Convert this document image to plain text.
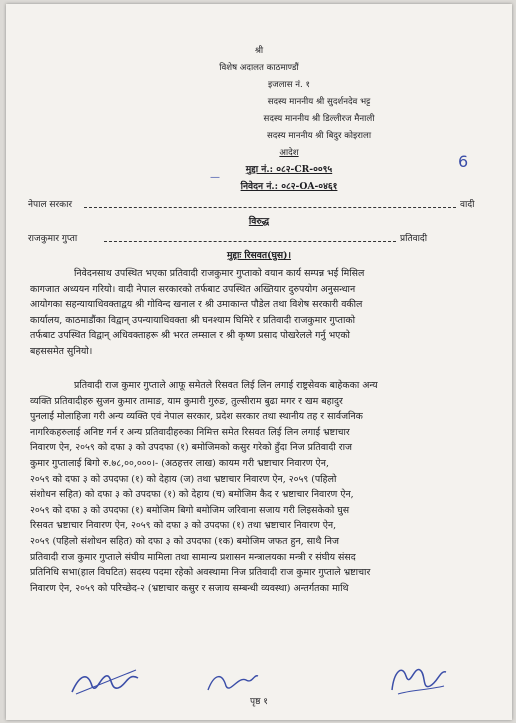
श्री
विशेष अदालत काठमाण्डौं
इजलास नं. १
सदस्य माननीय श्री सुदर्शनदेव भट्ट
सदस्य माननीय श्री डिल्लीरज मैनाली
सदस्य माननीय श्री बिदुर कोइराला
आदेश
मुद्दा नं.: ०८२-CR-००९५
निवेदन नं.: ०८२-OA-०४६१
6
—
नेपाल सरकार	वादी
विरुद्ध
राजकुमार गुप्ता	प्रतिवादी
मुद्दाः रिसवत(घुस)।
निवेदनसाथ उपस्थित भएका प्रतिवादी राजकुमार गुप्ताको वयान कार्य सम्पन्न भई मिसिल
कागजात अध्ययन गरियो। वादी नेपाल सरकारको तर्फबाट उपस्थित अख्तियार दुरुपयोग अनुसन्धान
आयोगका सहन्यायाधिवक्ताद्वय श्री गोविन्द खनाल र श्री उमाकान्त पौडेल तथा विशेष सरकारी वकील
कार्यालय, काठमाडौंका विद्वान् उपन्यायाधिवक्ता श्री घनश्याम घिमिरे र प्रतिवादी राजकुमार गुप्ताको
तर्फबाट उपस्थित विद्वान् अधिवक्ताहरू श्री भरत लम्साल र श्री कृष्ण प्रसाद पोखरेलले गर्नु भएको
बहससमेत सुनियो।
प्रतिवादी राज कुमार गुप्ताले आफू समेतले रिसवत लिई लिन लगाई राष्ट्रसेवक बाहेकका अन्य
व्यक्ति प्रतिवादीहरु सुजन कुमार तामाङ, याम कुमारी गुरुङ, तुल्सीराम बुढा मगर र खम बहादुर
पुनलाई मोलाहिजा गरी अन्य व्यक्ति एवं नेपाल सरकार, प्रदेश सरकार तथा स्थानीय तह र सार्वजनिक
नागरिकहरुलाई अनिष्ट गर्न र अन्य प्रतिवादीहरुका निमित्त समेत रिसवत लिई लिन लगाई भ्रष्टाचार
निवारण ऐन, २०५९ को दफा ३ को उपदफा (१) बमोजिमको कसुर गरेको हुँदा निज प्रतिवादी राज
कुमार गुप्तालाई बिगो रु.७८,००,०००।- (अठहत्तर लाख) कायम गरी भ्रष्टाचार निवारण ऐन,
२०५९ को दफा ३ को उपदफा (१) को देहाय (ज) तथा भ्रष्टाचार निवारण ऐन, २०५९ (पहिलो
संशोधन सहित) को दफा ३ को उपदफा (१) को देहाय (च) बमोजिम कैद र भ्रष्टाचार निवारण ऐन,
२०५९ को दफा ३ को उपदफा (१) बमोजिम बिगो बमोजिम जरिवाना सजाय गरी लिइसकेको घुस
रिसवत भ्रष्टाचार निवारण ऐन, २०५९ को दफा ३ को उपदफा (१) तथा भ्रष्टाचार निवारण ऐन,
२०५९ (पहिलो संशोधन सहित) को दफा ३ को उपदफा (१क) बमोजिम जफत हुन, साथै निज
प्रतिवादी राज कुमार गुप्ताले संघीय मामिला तथा सामान्य प्रशासन मन्त्रालयका मन्त्री र संघीय संसद
प्रतिनिधि सभा(हाल विघटित) सदस्य पदमा रहेको अवस्थामा निज प्रतिवादी राज कुमार गुप्ताले भ्रष्टाचार
निवारण ऐन, २०५९ को परिच्छेद-२ (भ्रष्टाचार कसुर र सजाय सम्बन्धी व्यवस्था) अन्तर्गतका माथि
पृष्ठ १
